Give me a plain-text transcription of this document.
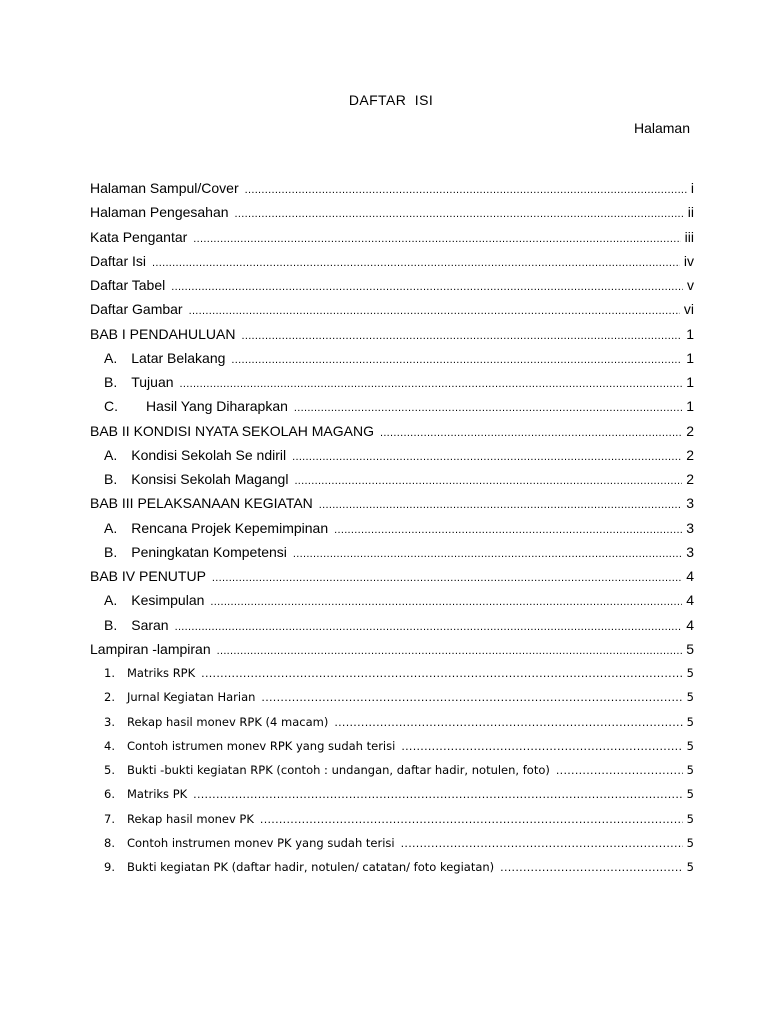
DAFTAR  ISI
Halaman
Halaman Sampul/Cover .....	i
Halaman Pengesahan .....	ii
Kata Pengantar .....	iii
Daftar Isi .....	iv
Daftar Tabel .....	v
Daftar Gambar .....	vi
BAB I PENDAHULUAN .....	1
A. Latar Belakang .....	1
B. Tujuan .....	1
C. Hasil Yang Diharapkan .....	1
BAB II KONDISI NYATA SEKOLAH MAGANG .....	2
A. Kondisi Sekolah Se ndiril .....	2
B. Konsisi Sekolah Magangl .....	2
BAB III PELAKSANAAN KEGIATAN .....	3
A. Rencana Projek Kepemimpinan .....	3
B. Peningkatan Kompetensi .....	3
BAB IV PENUTUP .....	4
A. Kesimpulan .....	4
B. Saran .....	4
Lampiran -lampiran .....	5
1. Matriks RPK .....	5
2. Jurnal Kegiatan Harian .....	5
3. Rekap hasil monev RPK (4 macam) .....	5
4. Contoh istrumen monev RPK yang sudah terisi .....	5
5. Bukti -bukti kegiatan RPK (contoh : undangan, daftar hadir, notulen, foto) .....	5
6. Matriks PK .....	5
7. Rekap hasil monev PK .....	5
8. Contoh instrumen monev PK yang sudah terisi .....	5
9. Bukti kegiatan PK (daftar hadir, notulen/ catatan/ foto kegiatan) .....	5
